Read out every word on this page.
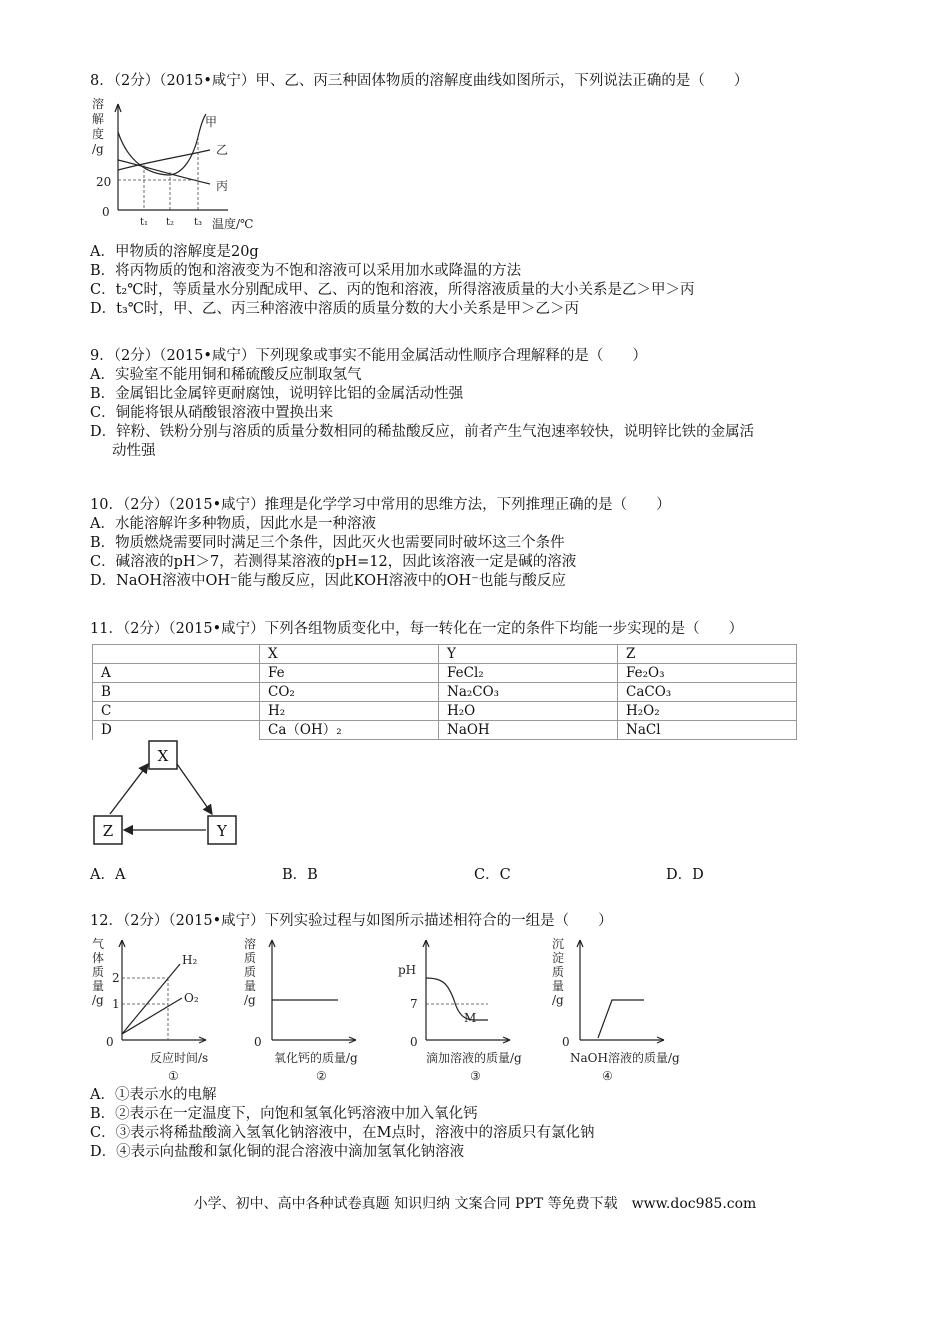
8．（2分）（2015•咸宁）甲、乙、丙三种固体物质的溶解度曲线如图所示，下列说法正确的是（　　）
溶
解
度
/g
20
0
t₁ t₂ t₃ 温度/℃
甲
乙
丙
A．甲物质的溶解度是20g
B．将丙物质的饱和溶液变为不饱和溶液可以采用加水或降温的方法
C．t₂℃时，等质量水分别配成甲、乙、丙的饱和溶液，所得溶液质量的大小关系是乙＞甲＞丙
D．t₃℃时，甲、乙、丙三种溶液中溶质的质量分数的大小关系是甲＞乙＞丙
9．（2分）（2015•咸宁）下列现象或事实不能用金属活动性顺序合理解释的是（　　）
A．实验室不能用铜和稀硫酸反应制取氢气
B．金属铝比金属锌更耐腐蚀，说明锌比铝的金属活动性强
C．铜能将银从硝酸银溶液中置换出来
D．锌粉、铁粉分别与溶质的质量分数相同的稀盐酸反应，前者产生气泡速率较快，说明锌比铁的金属活
动性强
10．（2分）（2015•咸宁）推理是化学学习中常用的思维方法，下列推理正确的是（　　）
A．水能溶解许多种物质，因此水是一种溶液
B．物质燃烧需要同时满足三个条件，因此灭火也需要同时破坏这三个条件
C．碱溶液的pH＞7，若测得某溶液的pH=12，因此该溶液一定是碱的溶液
D．NaOH溶液中OH⁻能与酸反应，因此KOH溶液中的OH⁻也能与酸反应
11．（2分）（2015•咸宁）下列各组物质变化中，每一转化在一定的条件下均能一步实现的是（　　）
	X	Y	Z
A	Fe	FeCl₂	Fe₂O₃
B	CO₂	Na₂CO₃	CaCO₃
C	H₂	H₂O	H₂O₂
D	Ca（OH）₂	NaOH	NaCl
X
Z	Y
A．A	B．B	C．C	D．D
12．（2分）（2015•咸宁）下列实验过程与如图所示描述相符合的一组是（　　）
气
体
质
量
/g
2
1
0
H₂
O₂
反应时间/s
①
溶
质
质
量
/g
0
氧化钙的质量/g
②
pH
7
0
M
滴加溶液的质量/g
③
沉
淀
质
量
/g
0
NaOH溶液的质量/g
④
A．①表示水的电解
B．②表示在一定温度下，向饱和氢氧化钙溶液中加入氧化钙
C．③表示将稀盐酸滴入氢氧化钠溶液中，在M点时，溶液中的溶质只有氯化钠
D．④表示向盐酸和氯化铜的混合溶液中滴加氢氧化钠溶液
小学、初中、高中各种试卷真题 知识归纳 文案合同 PPT 等免费下载　www.doc985.com
